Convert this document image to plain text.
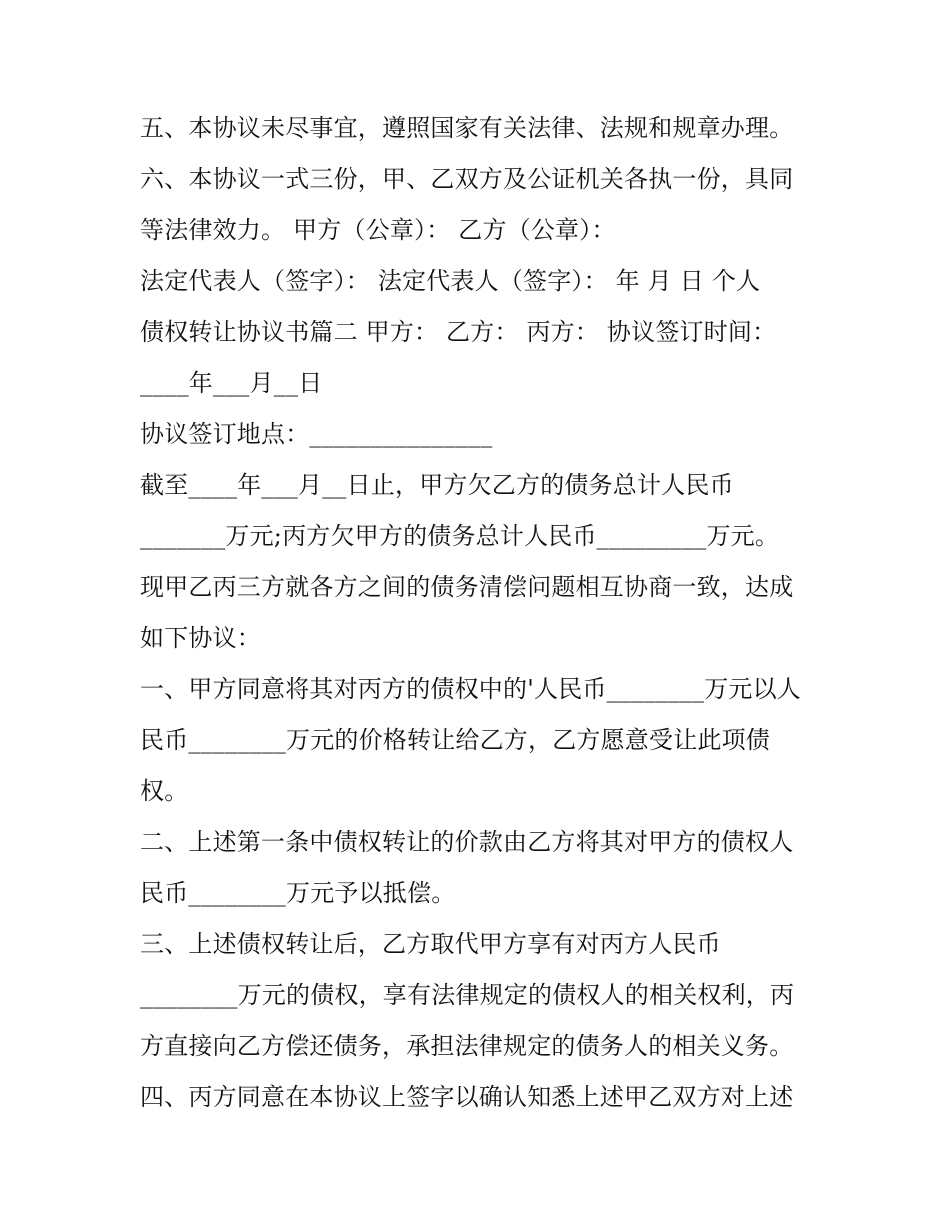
五、本协议未尽事宜，遵照国家有关法律、法规和规章办理。
六、本协议一式三份，甲、乙双方及公证机关各执一份，具同
等法律效力。 甲方（公章）： 乙方（公章）：
法定代表人（签字）： 法定代表人（签字）： 年 月 日 个人
债权转让协议书篇二 甲方： 乙方： 丙方： 协议签订时间：
____年___月__日
协议签订地点：_______________
截至____年___月__日止，甲方欠乙方的债务总计人民币
_______万元;丙方欠甲方的债务总计人民币_________万元。
现甲乙丙三方就各方之间的债务清偿问题相互协商一致，达成
如下协议：
一、甲方同意将其对丙方的债权中的'人民币________万元以人
民币________万元的价格转让给乙方，乙方愿意受让此项债
权。
二、上述第一条中债权转让的价款由乙方将其对甲方的债权人
民币________万元予以抵偿。
三、上述债权转让后，乙方取代甲方享有对丙方人民币
________万元的债权，享有法律规定的债权人的相关权利，丙
方直接向乙方偿还债务，承担法律规定的债务人的相关义务。
四、丙方同意在本协议上签字以确认知悉上述甲乙双方对上述
